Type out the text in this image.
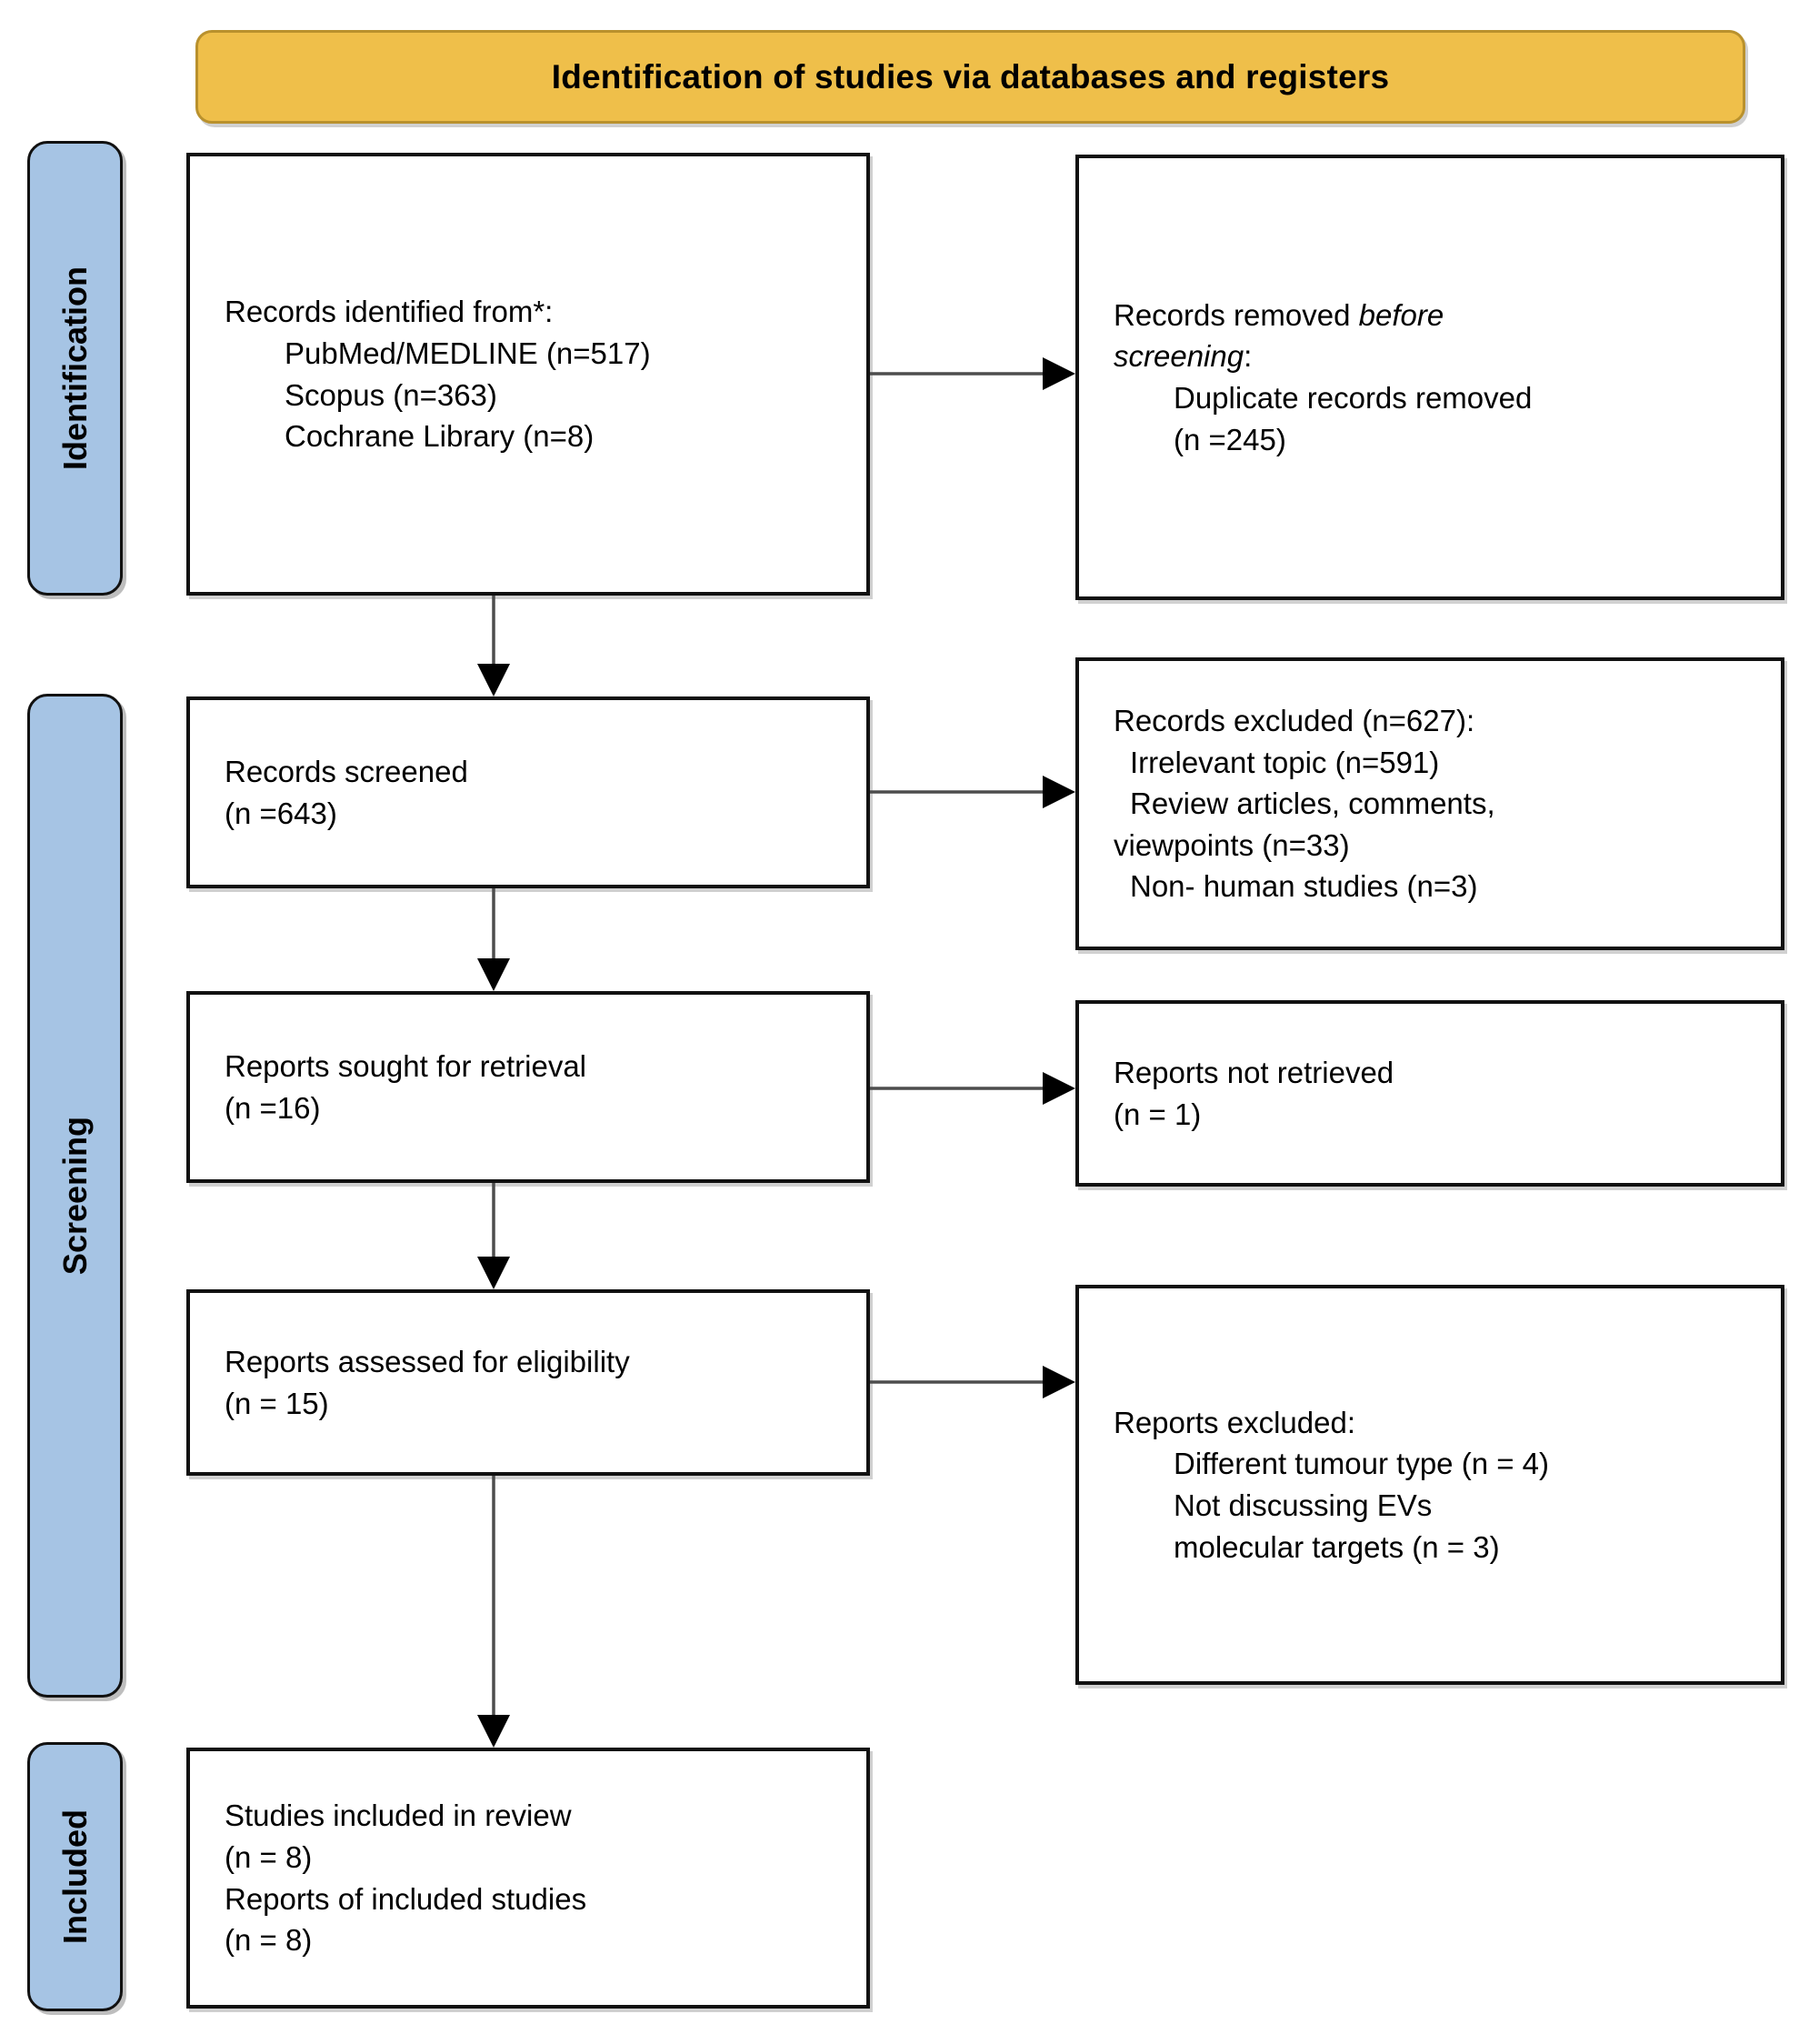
Identification of studies via databases and registers
Identification
Screening
Included
Records identified from*:
PubMed/MEDLINE (n=517)
Scopus (n=363)
Cochrane Library (n=8)
Records removed before
screening:
Duplicate records removed
(n =245)
Records screened
(n =643)
Records excluded (n=627):
Irrelevant topic (n=591)
Review articles, comments,
viewpoints (n=33)
Non- human studies (n=3)
Reports sought for retrieval
(n =16)
Reports not retrieved
(n = 1)
Reports assessed for eligibility
(n = 15)
Reports excluded:
Different tumour type (n = 4)
Not discussing EVs
molecular targets (n = 3)
Studies included in review
(n = 8)
Reports of included studies
(n = 8)
